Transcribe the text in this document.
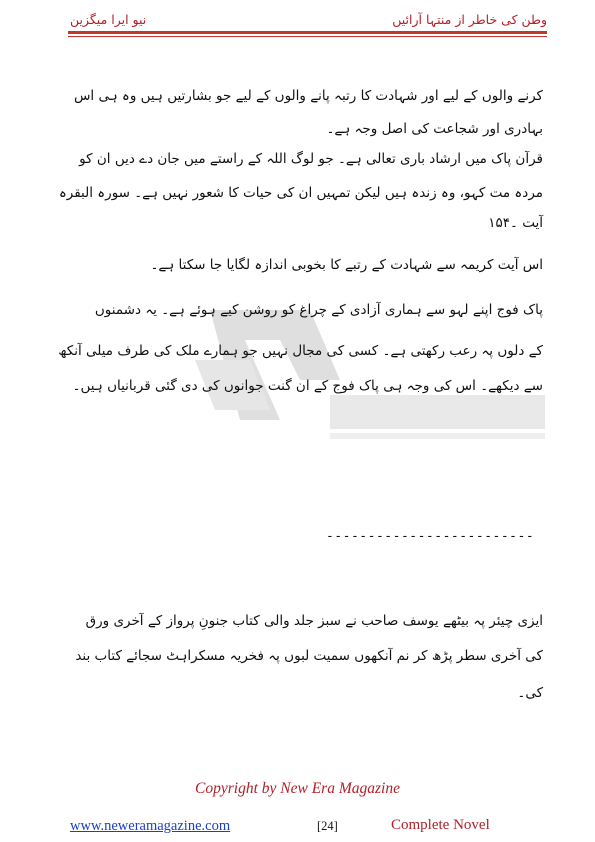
نیو ایرا میگزین	وطن کی خاطر از منتہا آرائیں
کرنے والوں کے لیے اور شہادت کا رتبہ پانے والوں کے لیے جو بشارتیں ہیں وہ ہی اس
بہادری اور شجاعت کی اصل وجہ ہے۔
قرآن پاک میں ارشاد باری تعالی ہے۔ جو لوگ اللہ کے راستے میں جان دے دیں ان کو
مردہ مت کہو، وہ زندہ ہیں لیکن تمہیں ان کی حیات کا شعور نہیں ہے۔ سورہ البقرہ
آیت ۔۱۵۴
اس آیت کریمہ سے شہادت کے رتبے کا بخوبی اندازہ لگایا جا سکتا ہے۔
پاک فوج اپنے لہو سے ہماری آزادی کے چراغ کو روشن کیے ہوئے ہے۔ یہ دشمنوں
کے دلوں پہ رعب رکھتی ہے۔ کسی کی مجال نہیں جو ہمارے ملک کی طرف میلی آنکھ
سے دیکھے۔ اس کی وجہ ہی پاک فوج کے ان گنت جوانوں کی دی گئی قربانیاں ہیں۔
-------------------------
ایزی چیئر پہ بیٹھے یوسف صاحب نے سبز جلد والی کتاب جنونِ پرواز کے آخری ورق
کی آخری سطر پڑھ کر نم آنکھوں سمیت لبوں پہ فخریہ مسکراہٹ سجائے کتاب بند
کی۔
Copyright by New Era Magazine
www.neweramagazine.com	[24]	Complete Novel
